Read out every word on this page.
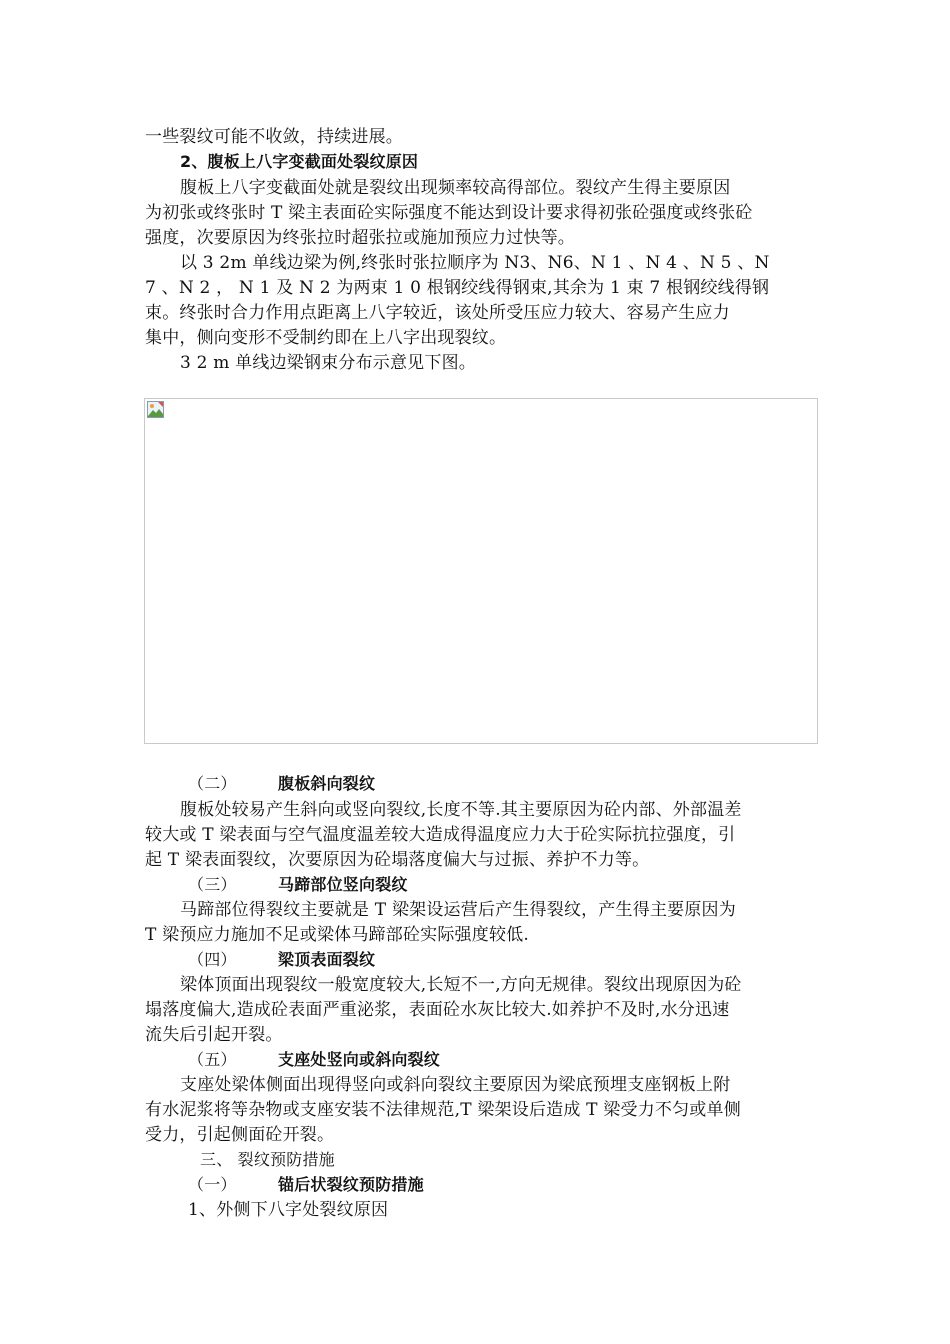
一些裂纹可能不收敛，持续进展。
2、腹板上八字变截面处裂纹原因
腹板上八字变截面处就是裂纹出现频率较高得部位。裂纹产生得主要原因
为初张或终张时 T 梁主表面砼实际强度不能达到设计要求得初张砼强度或终张砼
强度，次要原因为终张拉时超张拉或施加预应力过快等。
以 3 2m 单线边梁为例,终张时张拉顺序为 N3、N6、N 1 、N 4 、N 5 、N
7 、N 2 ， N 1 及 N 2 为两束 1 0 根钢绞线得钢束,其余为 1 束 7 根钢绞线得钢
束。终张时合力作用点距离上八字较近，该处所受压应力较大、容易产生应力
集中，侧向变形不受制约即在上八字出现裂纹。
3 2 m 单线边梁钢束分布示意见下图。
（二）	腹板斜向裂纹
腹板处较易产生斜向或竖向裂纹,长度不等.其主要原因为砼内部、外部温差
较大或 T 梁表面与空气温度温差较大造成得温度应力大于砼实际抗拉强度，引
起 T 梁表面裂纹，次要原因为砼塌落度偏大与过振、养护不力等。
（三）	马蹄部位竖向裂纹
马蹄部位得裂纹主要就是 T 梁架设运营后产生得裂纹，产生得主要原因为
T 梁预应力施加不足或梁体马蹄部砼实际强度较低.
（四）	梁顶表面裂纹
梁体顶面出现裂纹一般宽度较大,长短不一,方向无规律。裂纹出现原因为砼
塌落度偏大,造成砼表面严重泌浆，表面砼水灰比较大.如养护不及时,水分迅速
流失后引起开裂。
（五）	支座处竖向或斜向裂纹
支座处梁体侧面出现得竖向或斜向裂纹主要原因为梁底预埋支座钢板上附
有水泥浆将等杂物或支座安装不法律规范,T 梁架设后造成 T 梁受力不匀或单侧
受力，引起侧面砼开裂。
三、 裂纹预防措施
（一）	锚后状裂纹预防措施
1、外侧下八字处裂纹原因
